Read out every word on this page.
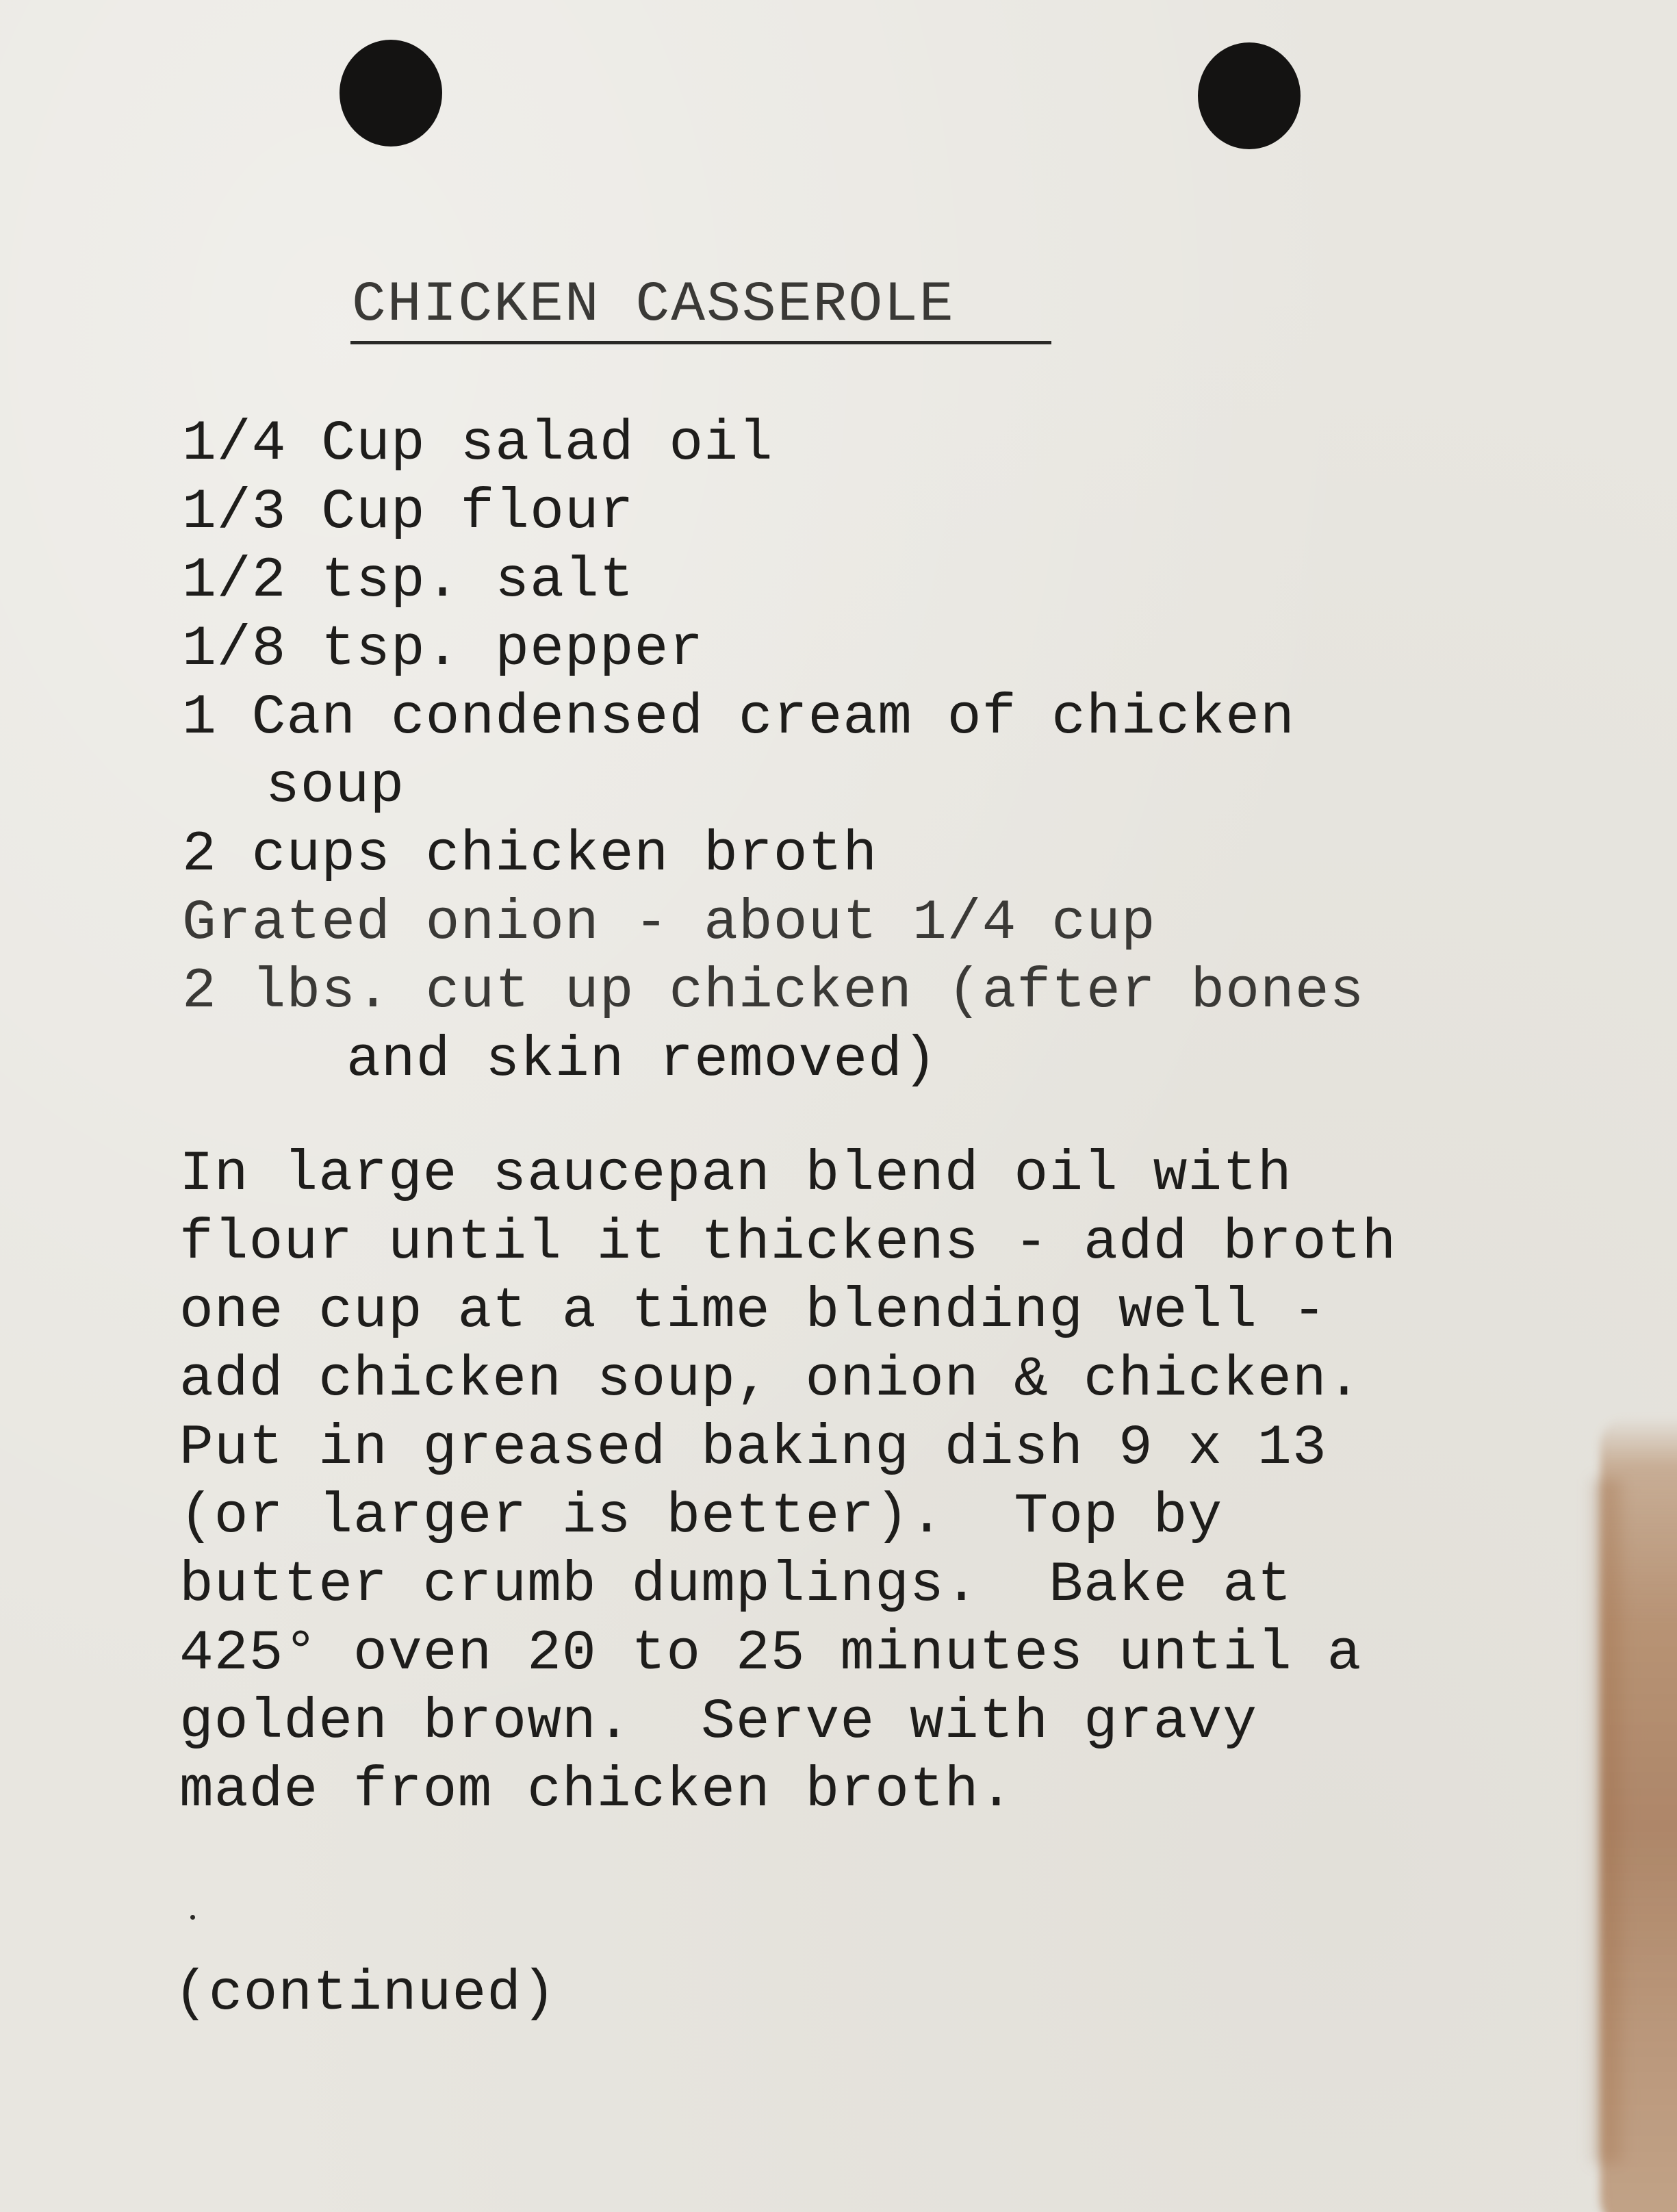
CHICKEN CASSEROLE
1/4 Cup salad oil
1/3 Cup flour
1/2 tsp. salt
1/8 tsp. pepper
1 Can condensed cream of chicken
soup
2 cups chicken broth
Grated onion - about 1/4 cup
2 lbs. cut up chicken (after bones
and skin removed)
In large saucepan blend oil with
flour until it thickens - add broth
one cup at a time blending well -
add chicken soup, onion & chicken.
Put in greased baking dish 9 x 13
(or larger is better).  Top by
butter crumb dumplings.  Bake at
425° oven 20 to 25 minutes until a
golden brown.  Serve with gravy
made from chicken broth.
(continued)
